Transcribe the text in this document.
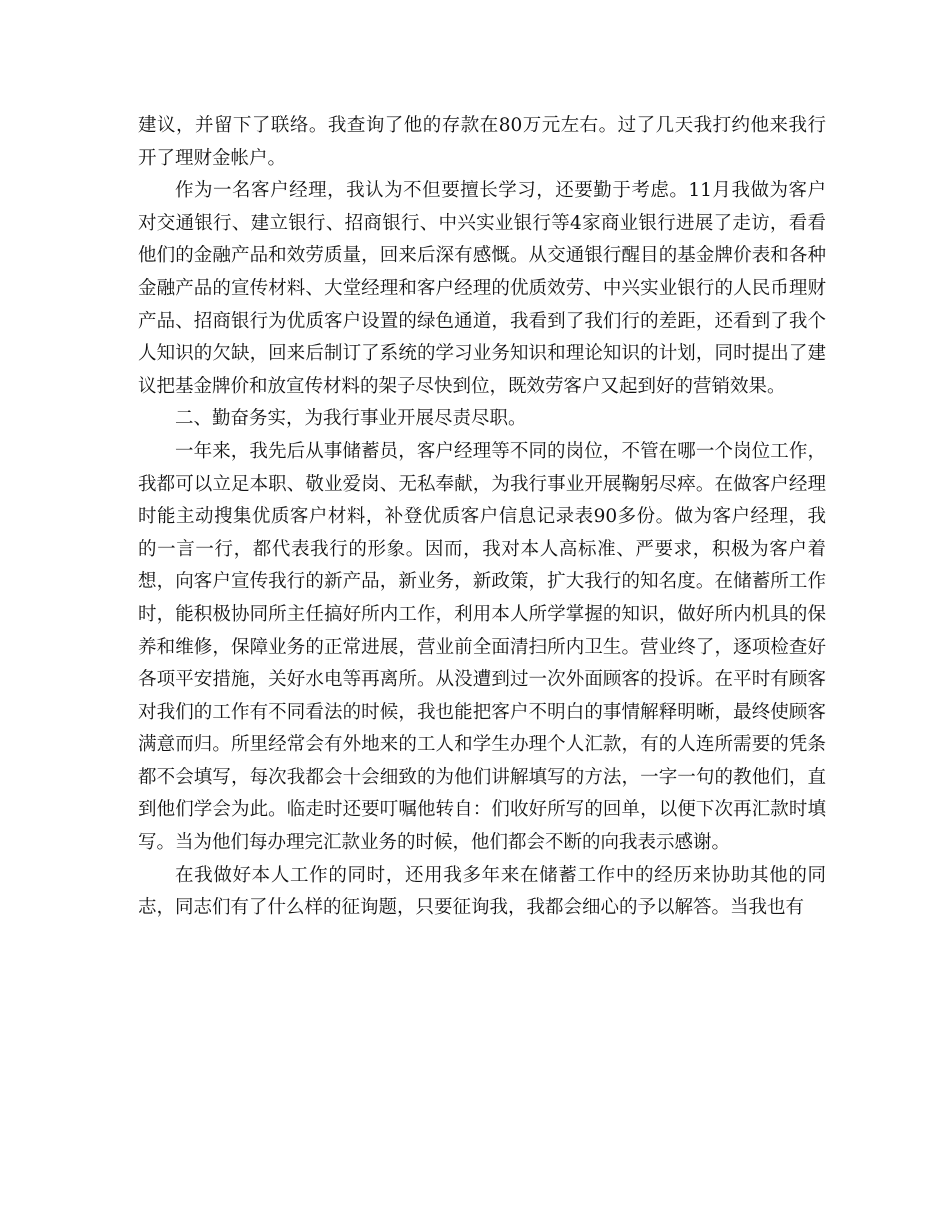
建议，并留下了联络。我查询了他的存款在80万元左右。过了几天我打约他来我行开了理财金帐户。

作为一名客户经理，我认为不但要擅长学习，还要勤于考虑。11月我做为客户对交通银行、建立银行、招商银行、中兴实业银行等4家商业银行进展了走访，看看他们的金融产品和效劳质量，回来后深有感慨。从交通银行醒目的基金牌价表和各种金融产品的宣传材料、大堂经理和客户经理的优质效劳、中兴实业银行的人民币理财产品、招商银行为优质客户设置的绿色通道，我看到了我们行的差距，还看到了我个人知识的欠缺，回来后制订了系统的学习业务知识和理论知识的计划，同时提出了建议把基金牌价和放宣传材料的架子尽快到位，既效劳客户又起到好的营销效果。

二、勤奋务实，为我行事业开展尽责尽职。

一年来，我先后从事储蓄员，客户经理等不同的岗位，不管在哪一个岗位工作，我都可以立足本职、敬业爱岗、无私奉献，为我行事业开展鞠躬尽瘁。在做客户经理时能主动搜集优质客户材料，补登优质客户信息记录表90多份。做为客户经理，我的一言一行，都代表我行的形象。因而，我对本人高标准、严要求，积极为客户着想，向客户宣传我行的新产品，新业务，新政策，扩大我行的知名度。在储蓄所工作时，能积极协同所主任搞好所内工作，利用本人所学掌握的知识，做好所内机具的保养和维修，保障业务的正常进展，营业前全面清扫所内卫生。营业终了，逐项检查好各项平安措施，关好水电等再离所。从没遭到过一次外面顾客的投诉。在平时有顾客对我们的工作有不同看法的时候，我也能把客户不明白的事情解释明晰，最终使顾客满意而归。所里经常会有外地来的工人和学生办理个人汇款，有的人连所需要的凭条都不会填写，每次我都会十会细致的为他们讲解填写的方法，一字一句的教他们，直到他们学会为此。临走时还要叮嘱他转自：们收好所写的回单，以便下次再汇款时填写。当为他们每办理完汇款业务的时候，他们都会不断的向我表示感谢。

在我做好本人工作的同时，还用我多年来在储蓄工作中的经历来协助其他的同志，同志们有了什么样的征询题，只要征询我，我都会细心的予以解答。当我也有
